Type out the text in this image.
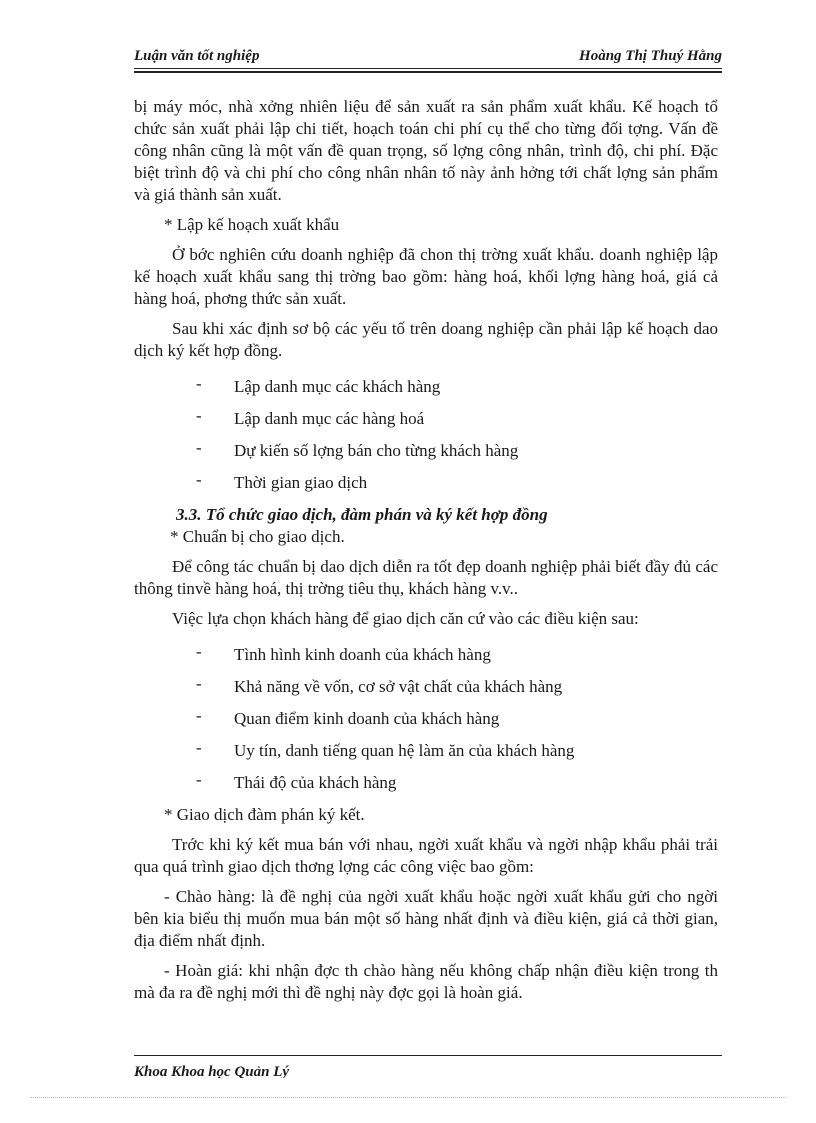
Luận văn tốt nghiệp	Hoàng Thị Thuý Hằng

bị máy móc, nhà xởng nhiên liệu để sản xuất ra sản phẩm xuất khẩu. Kế hoạch tổ chức sản xuất phải lập chi tiết, hoạch toán chi phí cụ thể cho từng đối tợng. Vấn đề công nhân cũng là một vấn đề quan trọng, số lợng công nhân, trình độ, chi phí. Đặc biệt trình độ và chi phí cho công nhân nhân tố này ảnh hởng tới chất lợng sản phẩm và giá thành sản xuất.

* Lập kế hoạch xuất khẩu

Ở bớc nghiên cứu doanh nghiệp đã chon thị trờng xuất khẩu. doanh nghiệp lập kế hoạch xuất khẩu sang thị trờng bao gồm: hàng hoá, khối lợng hàng hoá, giá cả hàng hoá, phơng thức sản xuất.

Sau khi xác định sơ bộ các yếu tố trên doang nghiệp cần phải lập kế hoạch dao dịch ký kết hợp đồng.

- Lập danh mục các khách hàng
- Lập danh mục các hàng hoá
- Dự kiến số lợng bán cho từng khách hàng
- Thời gian giao dịch
3.3. Tổ chức giao dịch, đàm phán và ký kết hợp đồng
* Chuẩn bị cho giao dịch.

Để công tác chuẩn bị dao dịch diễn ra tốt đẹp doanh nghiệp phải biết đầy đủ các thông tinvề hàng hoá, thị trờng tiêu thụ, khách hàng v.v..

Việc lựa chọn khách hàng để giao dịch căn cứ vào các điều kiện sau:

- Tình hình kinh doanh của khách hàng
- Khả năng về vốn, cơ sở vật chất của khách hàng
- Quan điểm kinh doanh của khách hàng
- Uy tín, danh tiếng quan hệ làm ăn của khách hàng
- Thái độ của khách hàng
* Giao dịch đàm phán ký kết.

Trớc khi ký kết mua bán với nhau, ngời xuất khẩu và ngời nhập khẩu phải trải qua quá trình giao dịch thơng lợng các công việc bao gồm:

- Chào hàng: là đề nghị của ngời xuất khẩu hoặc ngời xuất khẩu gửi cho ngời bên kia biểu thị muốn mua bán một số hàng nhất định và điều kiện, giá cả thời gian, địa điểm nhất định.

- Hoàn giá: khi nhận đợc th chào hàng nếu không chấp nhận điều kiện trong th mà đa ra đề nghị mới thì đề nghị này đợc gọi là hoàn giá.

Khoa Khoa học Quản Lý
